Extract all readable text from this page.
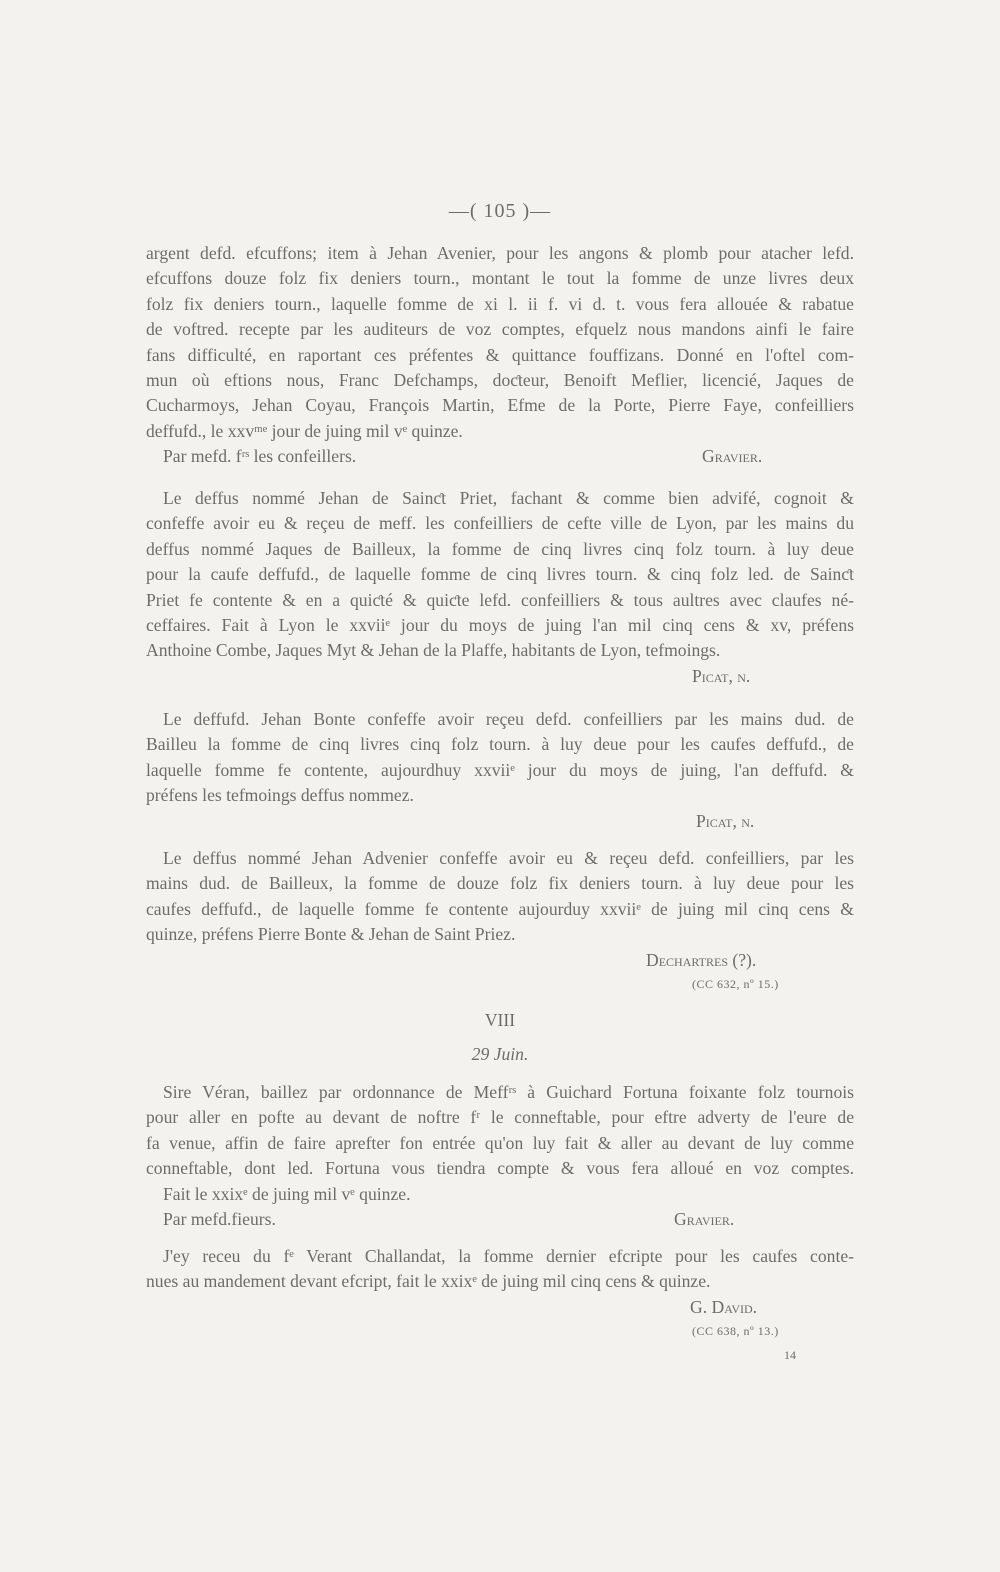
—( 105 )—
argent defd. efcuffons; item à Jehan Avenier, pour les angons & plomb pour atacher lefd.
efcuffons douze folz fix deniers tourn., montant le tout la fomme de unze livres deux
folz fix deniers tourn., laquelle fomme de xi l. ii f. vi d. t. vous fera allouée & rabatue
de voftred. recepte par les auditeurs de voz comptes, efquelz nous mandons ainfi le faire
fans difficulté, en raportant ces préfentes & quittance fouffizans. Donné en l'oftel com-
mun où eftions nous, Franc Defchamps, doƈteur, Benoift Meflier, licencié, Jaques de
Cucharmoys, Jehan Coyau, François Martin, Efme de la Porte, Pierre Faye, confeilliers
deffufd., le xxvᵐᵉ jour de juing mil vᵉ quinze.
Par mefd. fʳˢ les confeillers.	Gravier.
Le deffus nommé Jehan de Sainƈt Priet, fachant & comme bien advifé, cognoit &
confeffe avoir eu & reçeu de meff. les confeilliers de cefte ville de Lyon, par les mains du
deffus nommé Jaques de Bailleux, la fomme de cinq livres cinq folz tourn. à luy deue
pour la caufe deffufd., de laquelle fomme de cinq livres tourn. & cinq folz led. de Sainƈt
Priet fe contente & en a quiƈté & quiƈte lefd. confeilliers & tous aultres avec claufes né-
ceffaires. Fait à Lyon le xxviiᵉ jour du moys de juing l'an mil cinq cens & xv, préfens
Anthoine Combe, Jaques Myt & Jehan de la Plaffe, habitants de Lyon, tefmoings.
Picat, n.
Le deffufd. Jehan Bonte confeffe avoir reçeu defd. confeilliers par les mains dud. de
Bailleu la fomme de cinq livres cinq folz tourn. à luy deue pour les caufes deffufd., de
laquelle fomme fe contente, aujourdhuy xxviiᵉ jour du moys de juing, l'an deffufd. &
préfens les tefmoings deffus nommez.
Picat, n.
Le deffus nommé Jehan Advenier confeffe avoir eu & reçeu defd. confeilliers, par les
mains dud. de Bailleux, la fomme de douze folz fix deniers tourn. à luy deue pour les
caufes deffufd., de laquelle fomme fe contente aujourduy xxviiᵉ de juing mil cinq cens &
quinze, préfens Pierre Bonte & Jehan de Saint Priez.
Dechartres (?).
(CC 632, nº 15.)
VIII
29 Juin.
Sire Véran, baillez par ordonnance de Meffʳˢ à Guichard Fortuna foixante folz tournois
pour aller en pofte au devant de noftre fʳ le conneftable, pour eftre adverty de l'eure de
fa venue, affin de faire aprefter fon entrée qu'on luy fait & aller au devant de luy comme
conneftable, dont led. Fortuna vous tiendra compte & vous fera alloué en voz comptes.
Fait le xxixᵉ de juing mil vᵉ quinze.
Par mefd.fieurs.	Gravier.
J'ey receu du fᵉ Verant Challandat, la fomme dernier efcripte pour les caufes conte-
nues au mandement devant efcript, fait le xxixᵉ de juing mil cinq cens & quinze.
G. David.
(CC 638, nº 13.)
14
